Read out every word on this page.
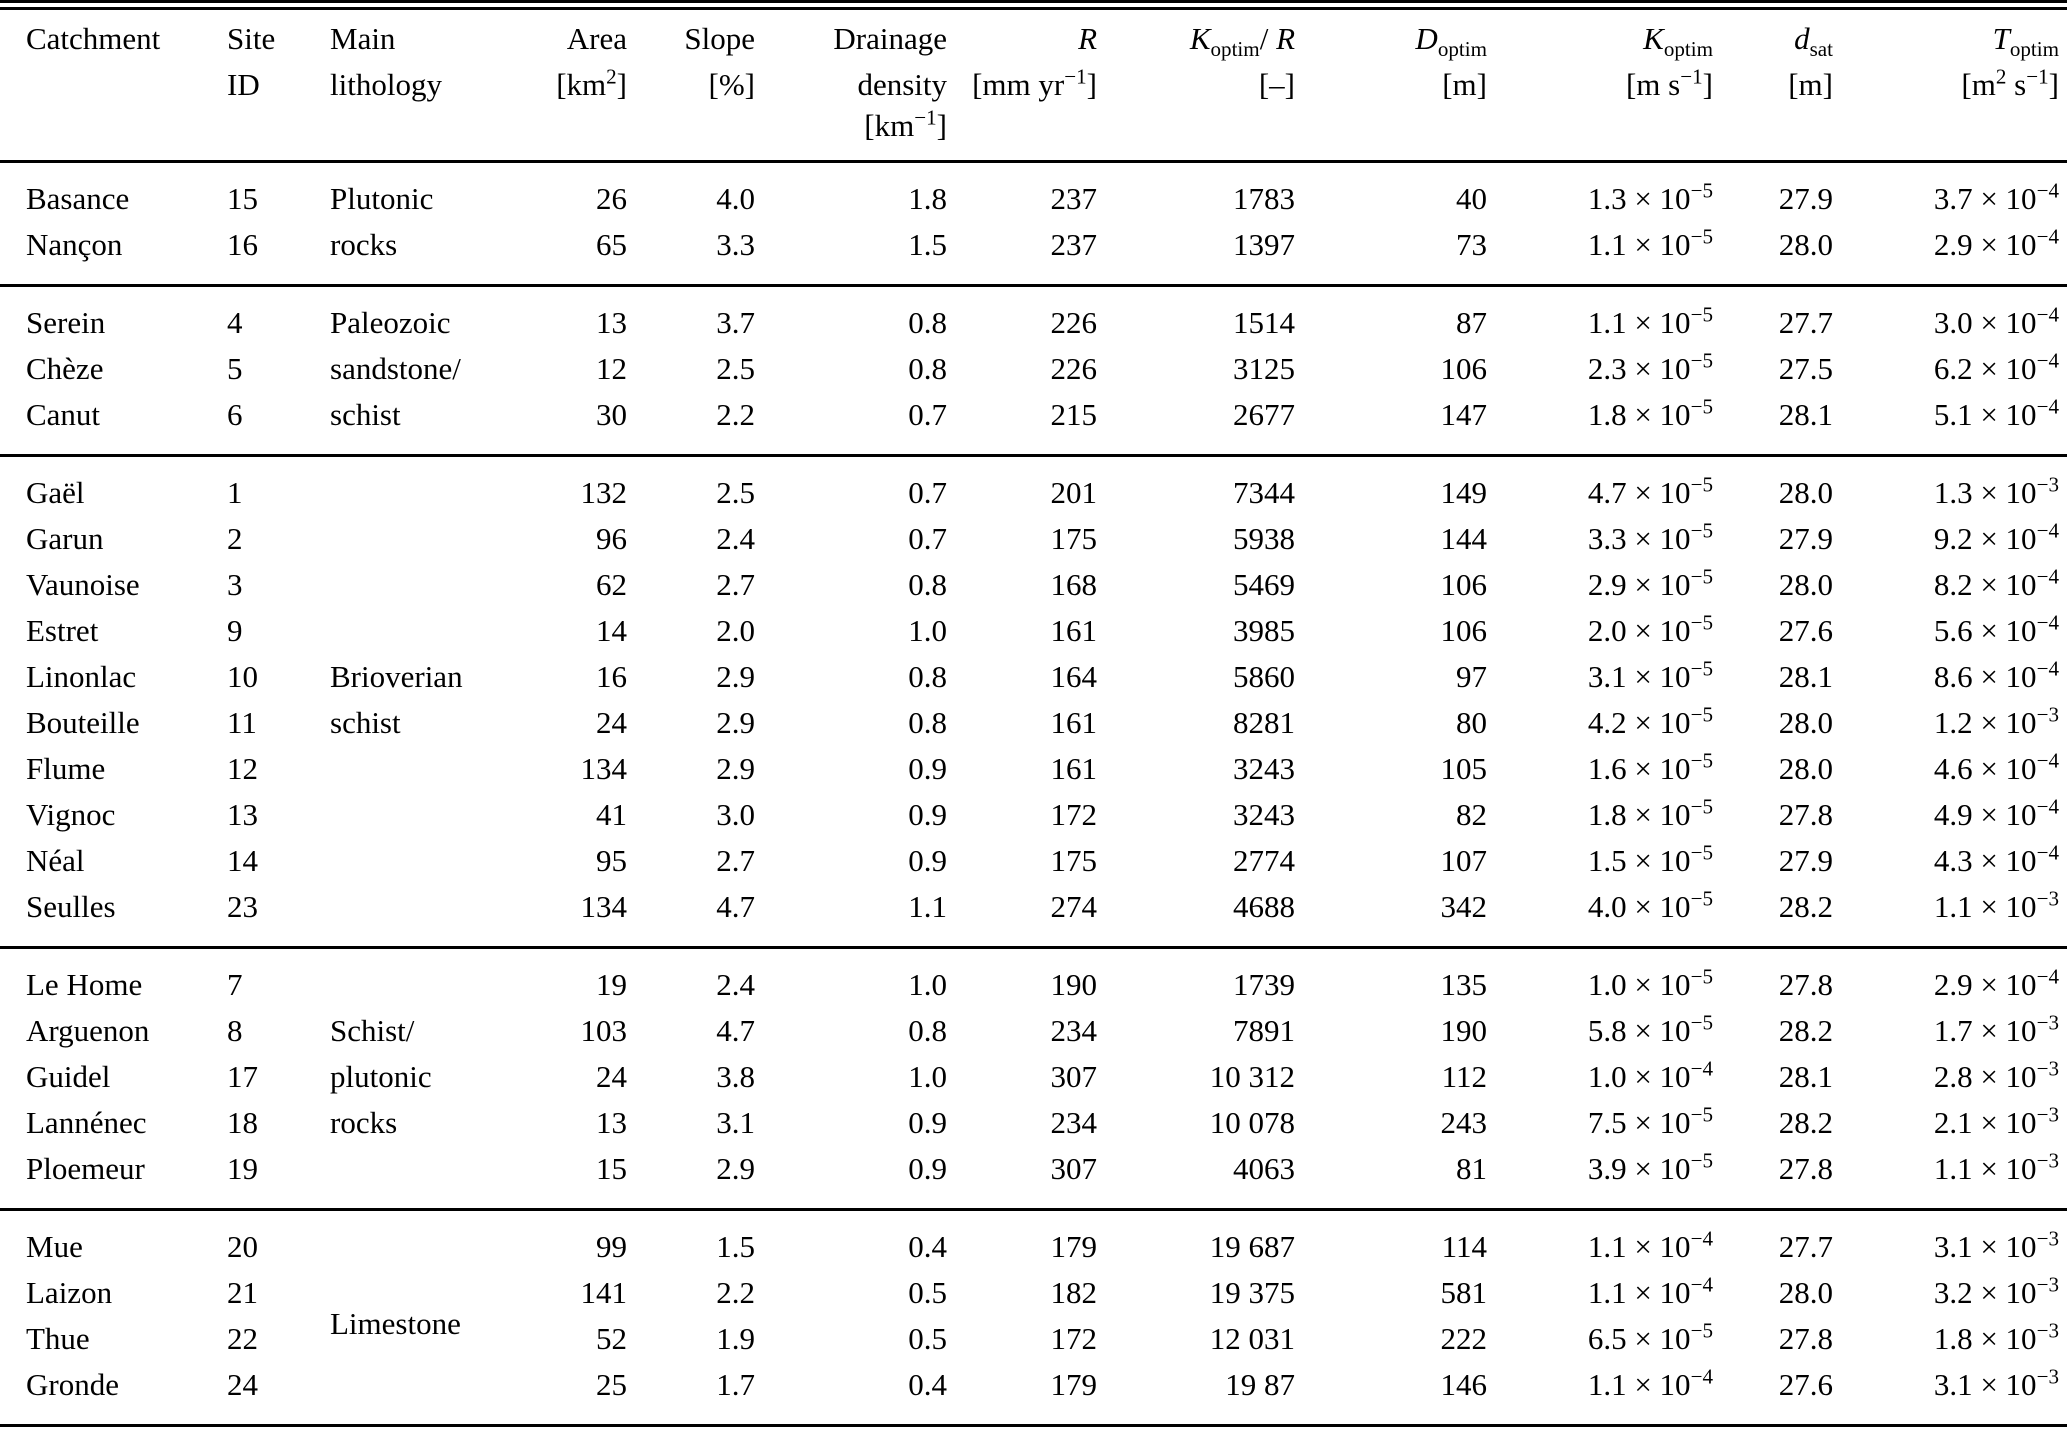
Catchment	Site	Main	Area	Slope	Drainage	R	$K_{optim}/$ R	$D_{optim}$	$K_{optim}$	$d_{sat}$	$T_{optim}$
	ID	lithology	$[km^2]$	[%]	density	[mm $yr^{-1}$]	[–]	[m]	[m $s^{-1}$]	[m]	[$m^2$ $s^{-1}$]
					$[km^{-1}]$						
Basance	15	Plutonic	26	4.0	1.8	237	1783	40	$1.3 \times 10^{-5}$	27.9	$3.7 \times 10^{-4}$
Nançon	16	rocks	65	3.3	1.5	237	1397	73	$1.1 \times 10^{-5}$	28.0	$2.9 \times 10^{-4}$
Serein	4	Paleozoic	13	3.7	0.8	226	1514	87	$1.1 \times 10^{-5}$	27.7	$3.0 \times 10^{-4}$
Chèze	5	sandstone/	12	2.5	0.8	226	3125	106	$2.3 \times 10^{-5}$	27.5	$6.2 \times 10^{-4}$
Canut	6	schist	30	2.2	0.7	215	2677	147	$1.8 \times 10^{-5}$	28.1	$5.1 \times 10^{-4}$
Gaël	1		132	2.5	0.7	201	7344	149	$4.7 \times 10^{-5}$	28.0	$1.3 \times 10^{-3}$
Garun	2		96	2.4	0.7	175	5938	144	$3.3 \times 10^{-5}$	27.9	$9.2 \times 10^{-4}$
Vaunoise	3		62	2.7	0.8	168	5469	106	$2.9 \times 10^{-5}$	28.0	$8.2 \times 10^{-4}$
Estret	9		14	2.0	1.0	161	3985	106	$2.0 \times 10^{-5}$	27.6	$5.6 \times 10^{-4}$
Linonlac	10	Brioverian	16	2.9	0.8	164	5860	97	$3.1 \times 10^{-5}$	28.1	$8.6 \times 10^{-4}$
Bouteille	11	schist	24	2.9	0.8	161	8281	80	$4.2 \times 10^{-5}$	28.0	$1.2 \times 10^{-3}$
Flume	12		134	2.9	0.9	161	3243	105	$1.6 \times 10^{-5}$	28.0	$4.6 \times 10^{-4}$
Vignoc	13		41	3.0	0.9	172	3243	82	$1.8 \times 10^{-5}$	27.8	$4.9 \times 10^{-4}$
Néal	14		95	2.7	0.9	175	2774	107	$1.5 \times 10^{-5}$	27.9	$4.3 \times 10^{-4}$
Seulles	23		134	4.7	1.1	274	4688	342	$4.0 \times 10^{-5}$	28.2	$1.1 \times 10^{-3}$
Le Home	7		19	2.4	1.0	190	1739	135	$1.0 \times 10^{-5}$	27.8	$2.9 \times 10^{-4}$
Arguenon	8	Schist/	103	4.7	0.8	234	7891	190	$5.8 \times 10^{-5}$	28.2	$1.7 \times 10^{-3}$
Guidel	17	plutonic	24	3.8	1.0	307	10 312	112	$1.0 \times 10^{-4}$	28.1	$2.8 \times 10^{-3}$
Lannénec	18	rocks	13	3.1	0.9	234	10 078	243	$7.5 \times 10^{-5}$	28.2	$2.1 \times 10^{-3}$
Ploemeur	19		15	2.9	0.9	307	4063	81	$3.9 \times 10^{-5}$	27.8	$1.1 \times 10^{-3}$
Mue	20	Limestone	99	1.5	0.4	179	19 687	114	$1.1 \times 10^{-4}$	27.7	$3.1 \times 10^{-3}$
Laizon	21		141	2.2	0.5	182	19 375	581	$1.1 \times 10^{-4}$	28.0	$3.2 \times 10^{-3}$
Thue	22		52	1.9	0.5	172	12 031	222	$6.5 \times 10^{-5}$	27.8	$1.8 \times 10^{-3}$
Gronde	24		25	1.7	0.4	179	19 87	146	$1.1 \times 10^{-4}$	27.6	$3.1 \times 10^{-3}$
